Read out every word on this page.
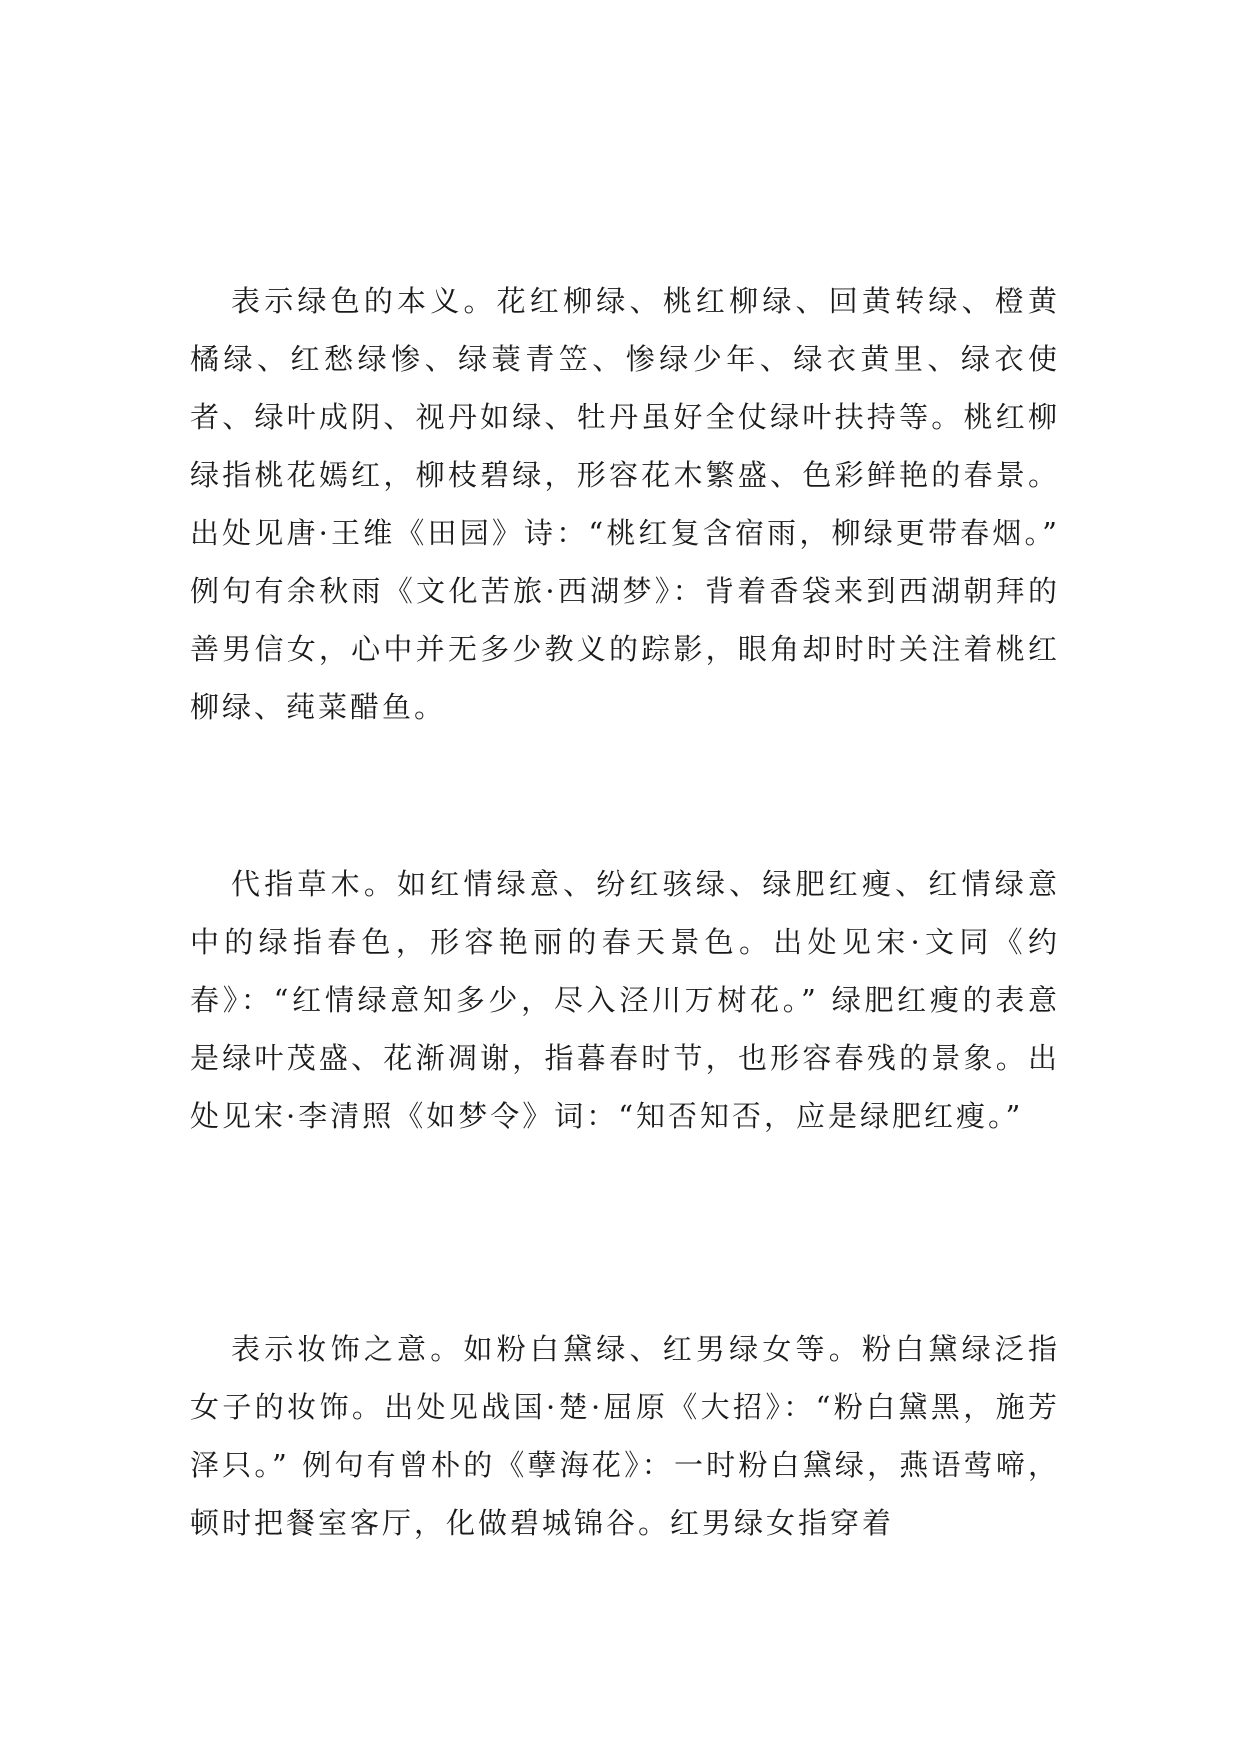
表示绿色的本义。花红柳绿、桃红柳绿、回黄转绿、橙黄橘绿、红愁绿惨、绿蓑青笠、惨绿少年、绿衣黄里、绿衣使者、绿叶成阴、视丹如绿、牡丹虽好全仗绿叶扶持等。桃红柳绿指桃花嫣红，柳枝碧绿，形容花木繁盛、色彩鲜艳的春景。出处见唐·王维《田园》诗：“桃红复含宿雨，柳绿更带春烟。” 例句有余秋雨《文化苦旅·西湖梦》：背着香袋来到西湖朝拜的善男信女，心中并无多少教义的踪影，眼角却时时关注着桃红柳绿、莼菜醋鱼。

代指草木。如红情绿意、纷红骇绿、绿肥红瘦、红情绿意中的绿指春色，形容艳丽的春天景色。出处见宋·文同《约春》：“红情绿意知多少，尽入泾川万树花。” 绿肥红瘦的表意是绿叶茂盛、花渐凋谢，指暮春时节，也形容春残的景象。出处见宋·李清照《如梦令》词：“知否知否，应是绿肥红瘦。”

表示妆饰之意。如粉白黛绿、红男绿女等。粉白黛绿泛指女子的妆饰。出处见战国·楚·屈原《大招》：“粉白黛黑，施芳泽只。” 例句有曾朴的《孽海花》：一时粉白黛绿，燕语莺啼，顿时把餐室客厅，化做碧城锦谷。红男绿女指穿着
